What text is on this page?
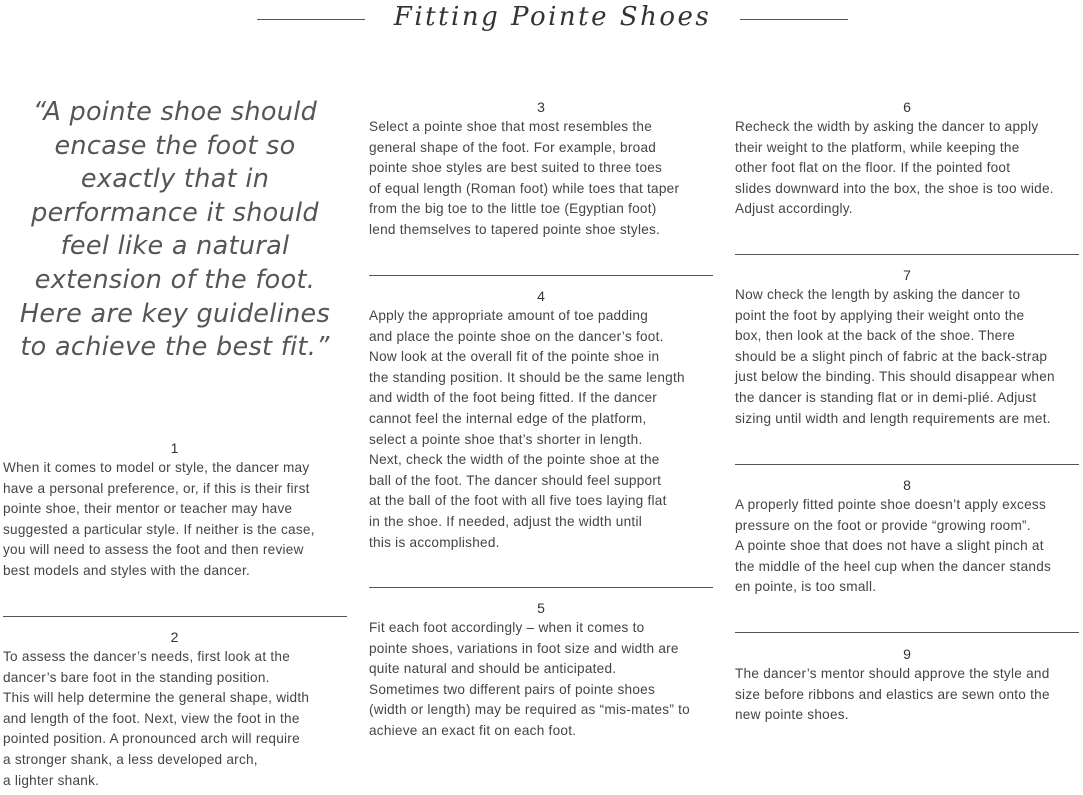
Fitting Pointe Shoes
“A pointe shoe should
encase the foot so
exactly that in
performance it should
feel like a natural
extension of the foot.
Here are key guidelines
to achieve the best fit.”
1
When it comes to model or style, the dancer may
have a personal preference, or, if this is their first
pointe shoe, their mentor or teacher may have
suggested a particular style. If neither is the case,
you will need to assess the foot and then review
best models and styles with the dancer.
2
To assess the dancer’s needs, first look at the
dancer’s bare foot in the standing position.
This will help determine the general shape, width
and length of the foot. Next, view the foot in the
pointed position. A pronounced arch will require
a stronger shank, a less developed arch,
a lighter shank.
3
Select a pointe shoe that most resembles the
general shape of the foot. For example, broad
pointe shoe styles are best suited to three toes
of equal length (Roman foot) while toes that taper
from the big toe to the little toe (Egyptian foot)
lend themselves to tapered pointe shoe styles.
4
Apply the appropriate amount of toe padding
and place the pointe shoe on the dancer’s foot.
Now look at the overall fit of the pointe shoe in
the standing position. It should be the same length
and width of the foot being fitted. If the dancer
cannot feel the internal edge of the platform,
select a pointe shoe that’s shorter in length.
Next, check the width of the pointe shoe at the
ball of the foot. The dancer should feel support
at the ball of the foot with all five toes laying flat
in the shoe. If needed, adjust the width until
this is accomplished.
5
Fit each foot accordingly – when it comes to
pointe shoes, variations in foot size and width are
quite natural and should be anticipated.
Sometimes two different pairs of pointe shoes
(width or length) may be required as “mis-mates” to
achieve an exact fit on each foot.
6
Recheck the width by asking the dancer to apply
their weight to the platform, while keeping the
other foot flat on the floor. If the pointed foot
slides downward into the box, the shoe is too wide.
Adjust accordingly.
7
Now check the length by asking the dancer to
point the foot by applying their weight onto the
box, then look at the back of the shoe. There
should be a slight pinch of fabric at the back-strap
just below the binding. This should disappear when
the dancer is standing flat or in demi-plié. Adjust
sizing until width and length requirements are met.
8
A properly fitted pointe shoe doesn’t apply excess
pressure on the foot or provide “growing room”.
A pointe shoe that does not have a slight pinch at
the middle of the heel cup when the dancer stands
en pointe, is too small.
9
The dancer’s mentor should approve the style and
size before ribbons and elastics are sewn onto the
new pointe shoes.
